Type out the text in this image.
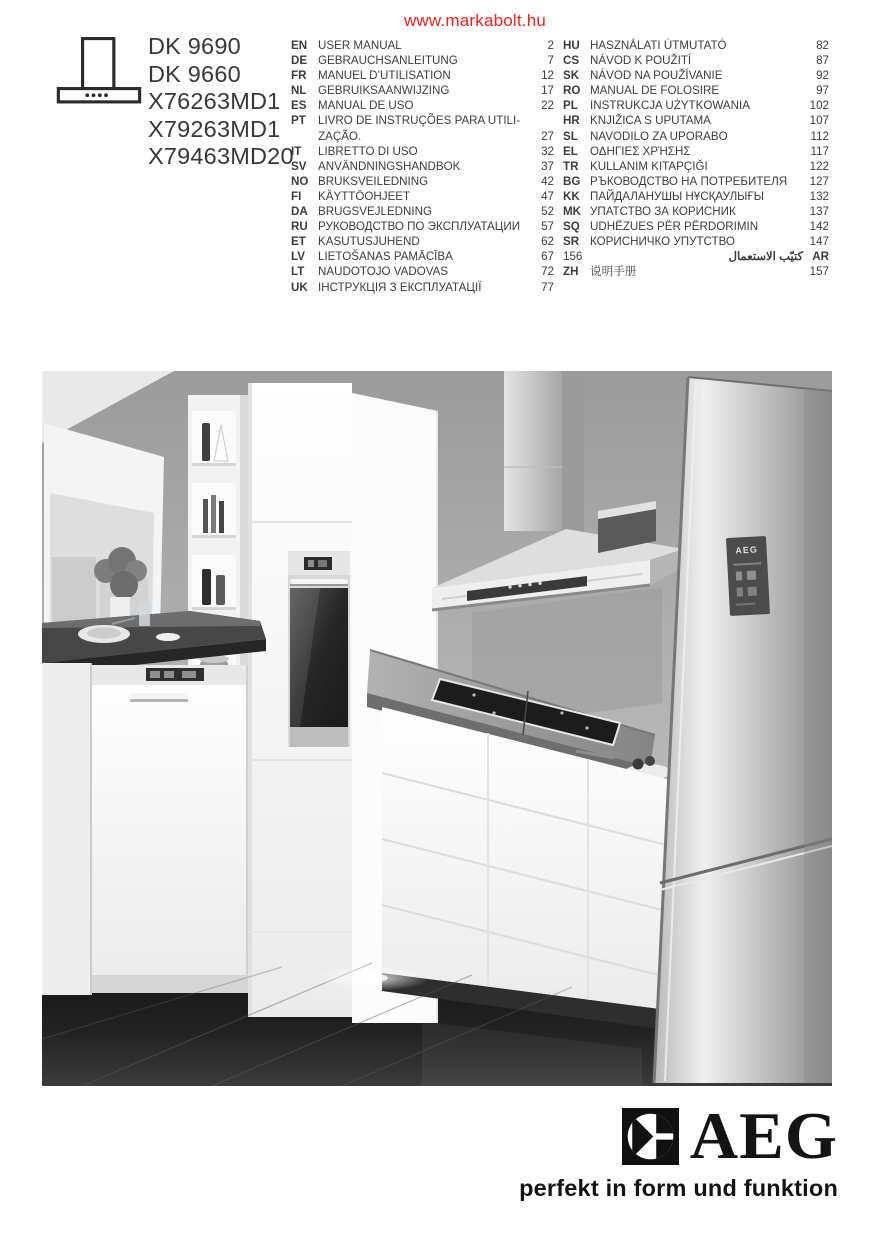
www.markabolt.hu
DK 9690
DK 9660
X76263MD1
X79263MD1
X79463MD20
EN USER MANUAL	2
DE GEBRAUCHSANLEITUNG	7
FR MANUEL D’UTILISATION	12
NL GEBRUIKSAANWIJZING	17
ES MANUAL DE USO	22
PT	LIVRO DE INSTRUÇÕES PARA UTILI-
ZAÇÃO.	27
IT	LIBRETTO DI USO	32
SV ANVÄNDNINGSHANDBOK	37
NO BRUKSVEILEDNING	42
FI	KÄYTTÖOHJEET	47
DA BRUGSVEJLEDNING	52
RU РУКОВОДСТВО ПО ЭКСПЛУАТАЦИИ	57
ET	KASUTUSJUHEND	62
LV	LIETOŠANAS PAMĀCĪBA	67
LT	NAUDOTOJO VADOVAS	72
UK ІНСТРУКЦІЯ З ЕКСПЛУАТАЦІЇ	77
HU HASZNÁLATI ÚTMUTATÓ	82
CS NÁVOD K POUŽITÍ	87
SK NÁVOD NA POUŽÍVANIE	92
RO MANUAL DE FOLOSIRE	97
PL	INSTRUKCJA UŻYTKOWANIA	102
HR KNJIŽICA S UPUTAMA	107
SL	NAVODILO ZA UPORABO	112
EL	ΟΔΗΓΙΕΣ ΧΡΉΣΗΣ	117
TR KULLANIM KITAPÇIĞI	122
BG РЪКОВОДСТВО НА ПОТРЕБИТЕЛЯ	127
KK ПАЙДАЛАНУШЫ НҰСҚАУЛЫҒЫ	132
MK УПАТСТВО ЗА КОРИСНИК	137
SQ UDHËZUES PËR PËRDORIMIN	142
SR КОРИСНИЧКО УПУТСТВО	147
156	كتيّب الاستعمال AR
ZH 说明手册	157
AEG
AEG
perfekt in form und funktion
